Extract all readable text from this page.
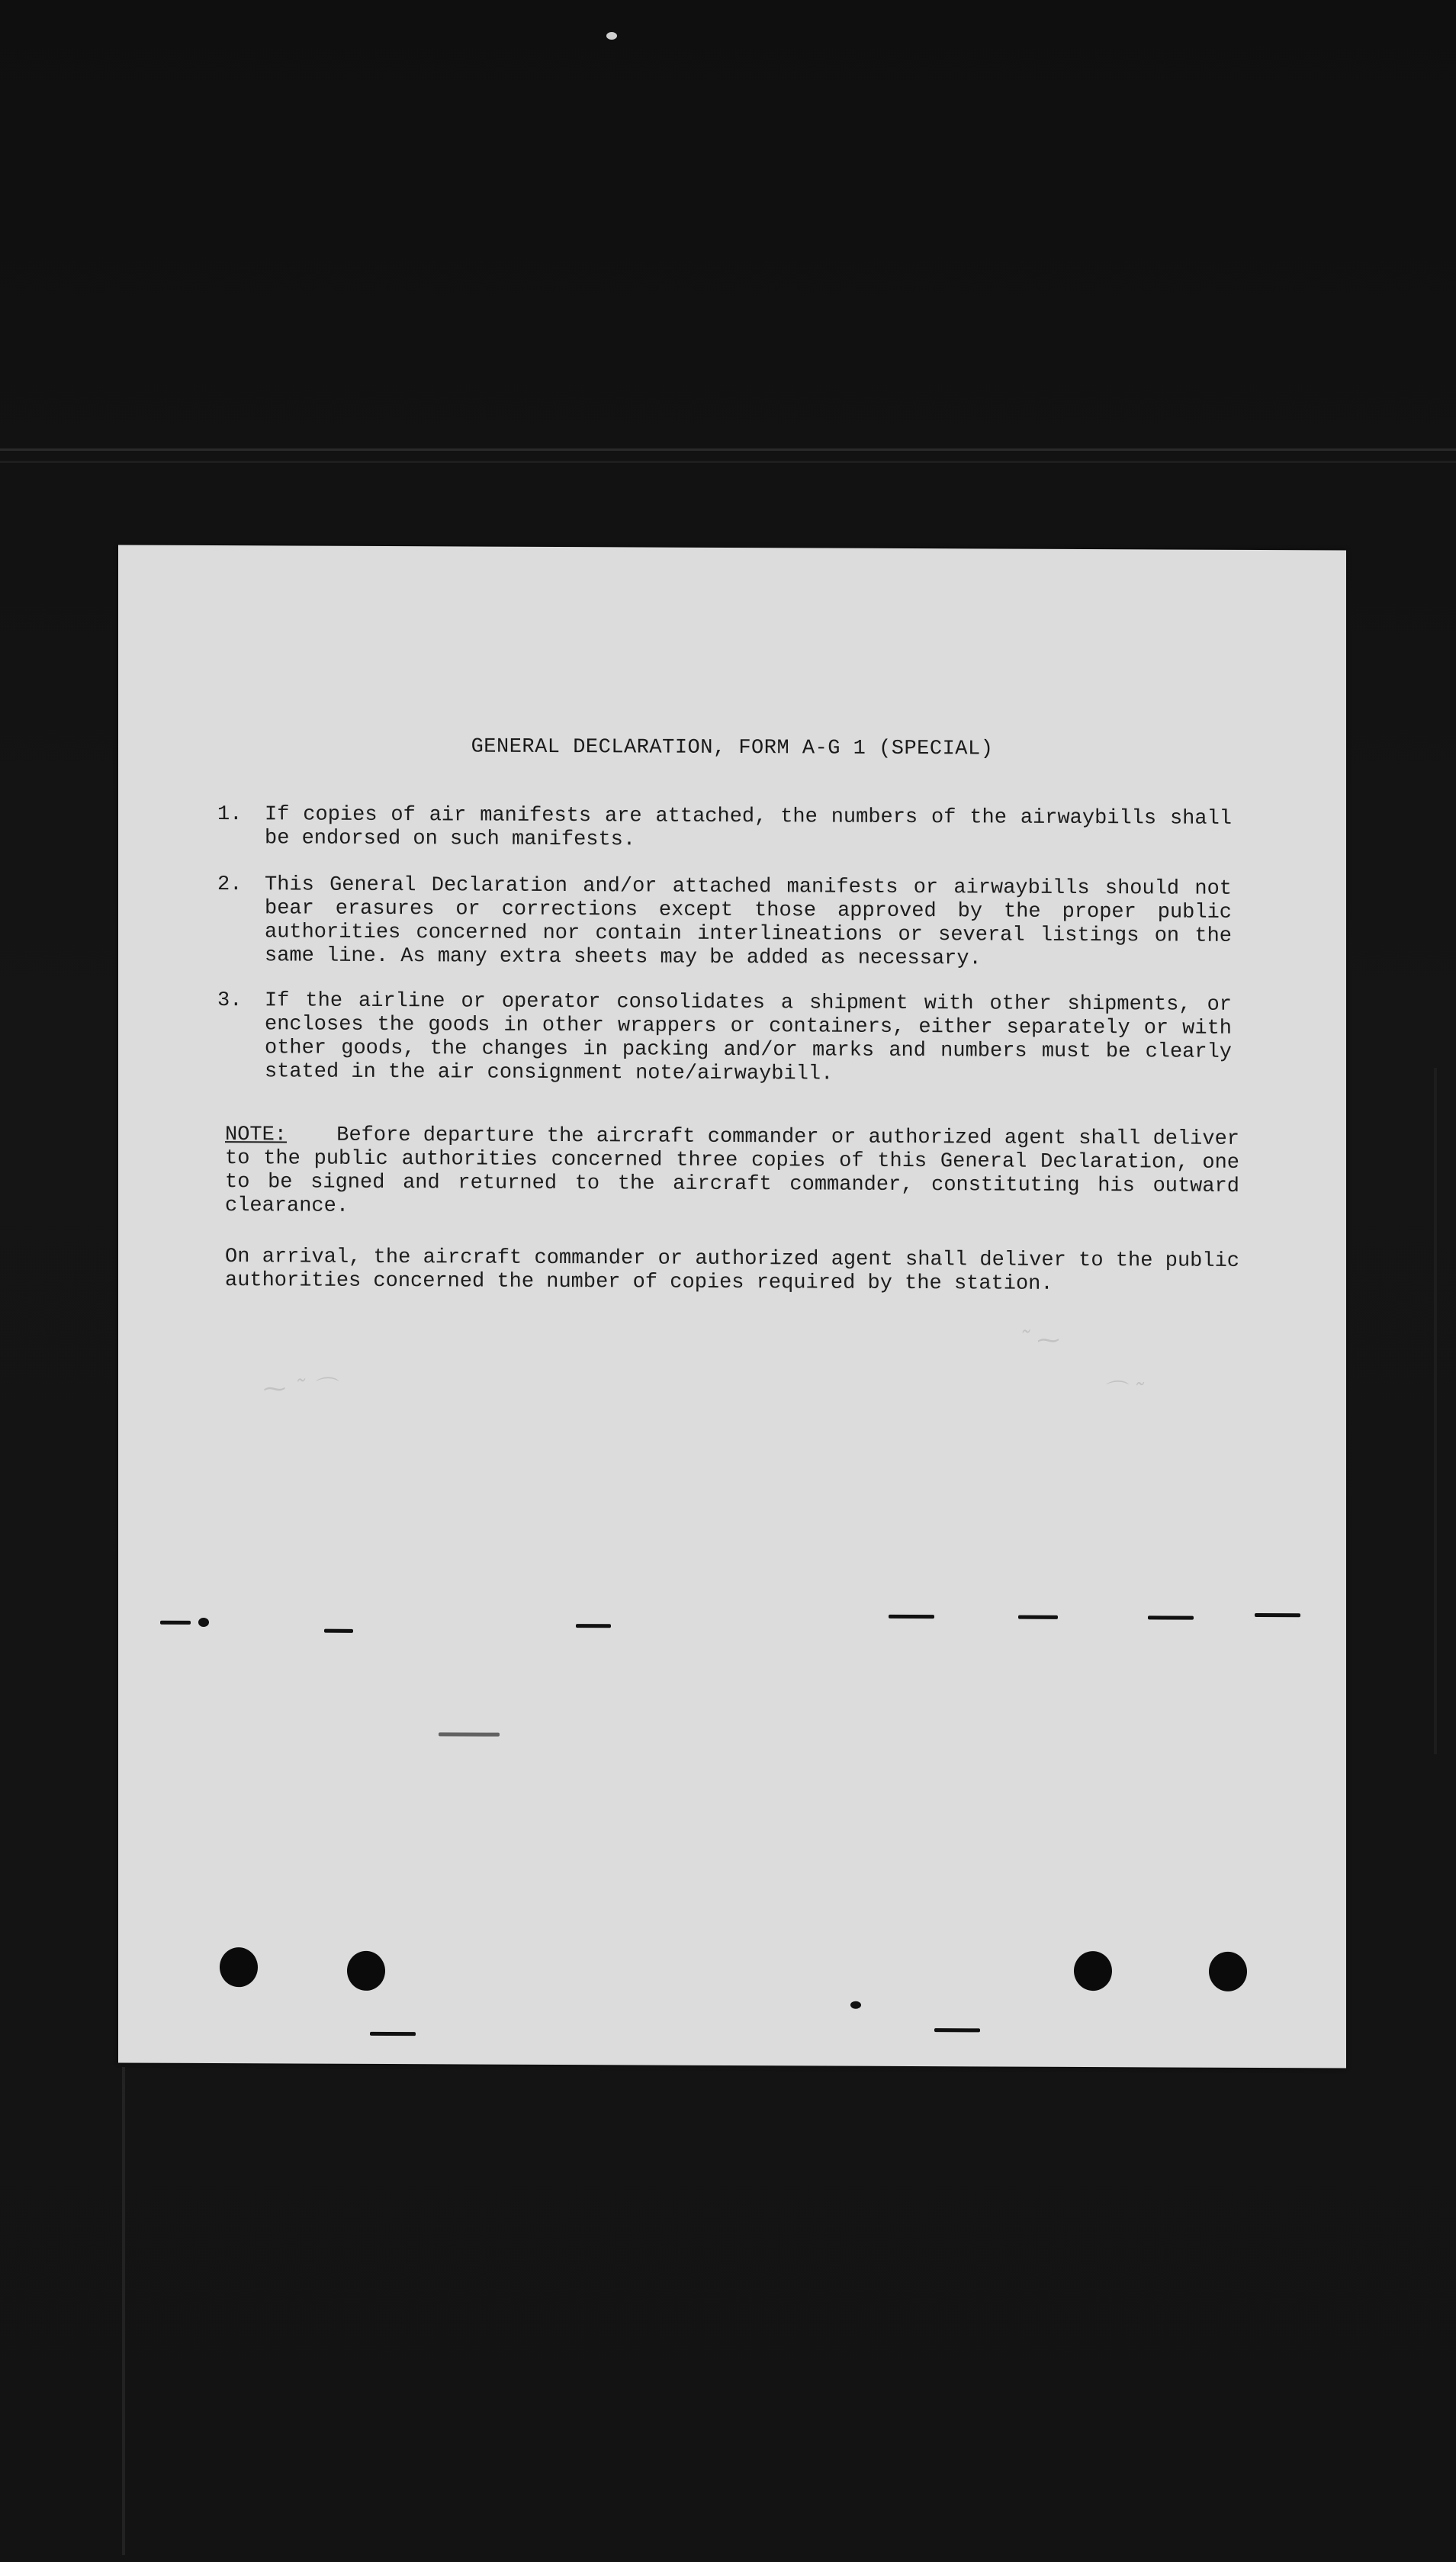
GENERAL DECLARATION, FORM A-G 1 (SPECIAL)
1.	If copies of air manifests are attached, the numbers of the airwaybills shall be endorsed on such manifests.
2.	This General Declaration and/or attached manifests or airwaybills should not bear erasures or corrections except those approved by the proper public authorities concerned nor contain interlineations or several listings on the same line. As many extra sheets may be added as necessary.
3.	If the airline or operator consolidates a shipment with other shipments, or encloses the goods in other wrappers or containers, either separately or with other goods, the changes in packing and/or marks and numbers must be clearly stated in the air consignment note/airwaybill.
NOTE: Before departure the aircraft commander or authorized agent shall deliver to the public authorities concerned three copies of this General Declaration, one to be signed and returned to the aircraft commander, constituting his outward clearance.
On arrival, the aircraft commander or authorized agent shall deliver to the public authorities concerned the number of copies required by the station.
⁓ ˜ ⌒
˜ ⁓
⌒ ˜
